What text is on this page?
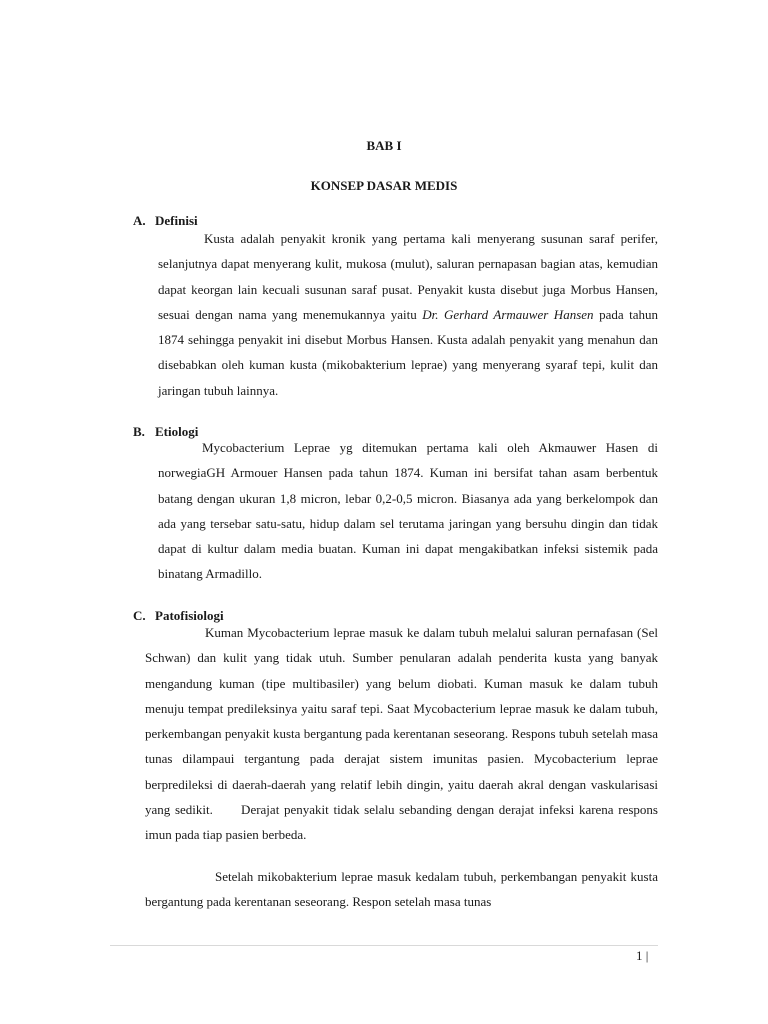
BAB I
KONSEP DASAR MEDIS
A. Definisi

Kusta adalah penyakit kronik yang pertama kali menyerang susunan saraf perifer, selanjutnya dapat menyerang kulit, mukosa (mulut), saluran pernapasan bagian atas, kemudian dapat keorgan lain kecuali susunan saraf pusat. Penyakit kusta disebut juga Morbus Hansen, sesuai dengan nama yang menemukannya yaitu Dr. Gerhard Armauwer Hansen pada tahun 1874 sehingga penyakit ini disebut Morbus Hansen. Kusta adalah penyakit yang menahun dan disebabkan oleh kuman kusta (mikobakterium leprae) yang menyerang syaraf tepi, kulit dan jaringan tubuh lainnya.

B. Etiologi

Mycobacterium Leprae yg ditemukan pertama kali oleh Akmauwer Hasen di norwegiaGH Armouer Hansen pada tahun 1874. Kuman ini bersifat tahan asam berbentuk batang dengan ukuran 1,8 micron, lebar 0,2-0,5 micron. Biasanya ada yang berkelompok dan ada yang tersebar satu-satu, hidup dalam sel terutama jaringan yang bersuhu dingin dan tidak dapat di kultur dalam media buatan. Kuman ini dapat mengakibatkan infeksi sistemik pada binatang Armadillo.

C. Patofisiologi

Kuman Mycobacterium leprae masuk ke dalam tubuh melalui saluran pernafasan (Sel Schwan) dan kulit yang tidak utuh. Sumber penularan adalah penderita kusta yang banyak mengandung kuman (tipe multibasiler) yang belum diobati. Kuman masuk ke dalam tubuh menuju tempat predileksinya yaitu saraf tepi. Saat Mycobacterium leprae masuk ke dalam tubuh, perkembangan penyakit kusta bergantung pada kerentanan seseorang. Respons tubuh setelah masa tunas dilampaui tergantung pada derajat sistem imunitas pasien. Mycobacterium leprae berpredileksi di daerah-daerah yang relatif lebih dingin, yaitu daerah akral dengan vaskularisasi yang sedikit.      Derajat penyakit tidak selalu sebanding dengan derajat infeksi karena respons imun pada tiap pasien berbeda.

Setelah mikobakterium leprae masuk kedalam tubuh, perkembangan penyakit kusta bergantung pada kerentanan seseorang. Respon setelah masa tunas

1 |
